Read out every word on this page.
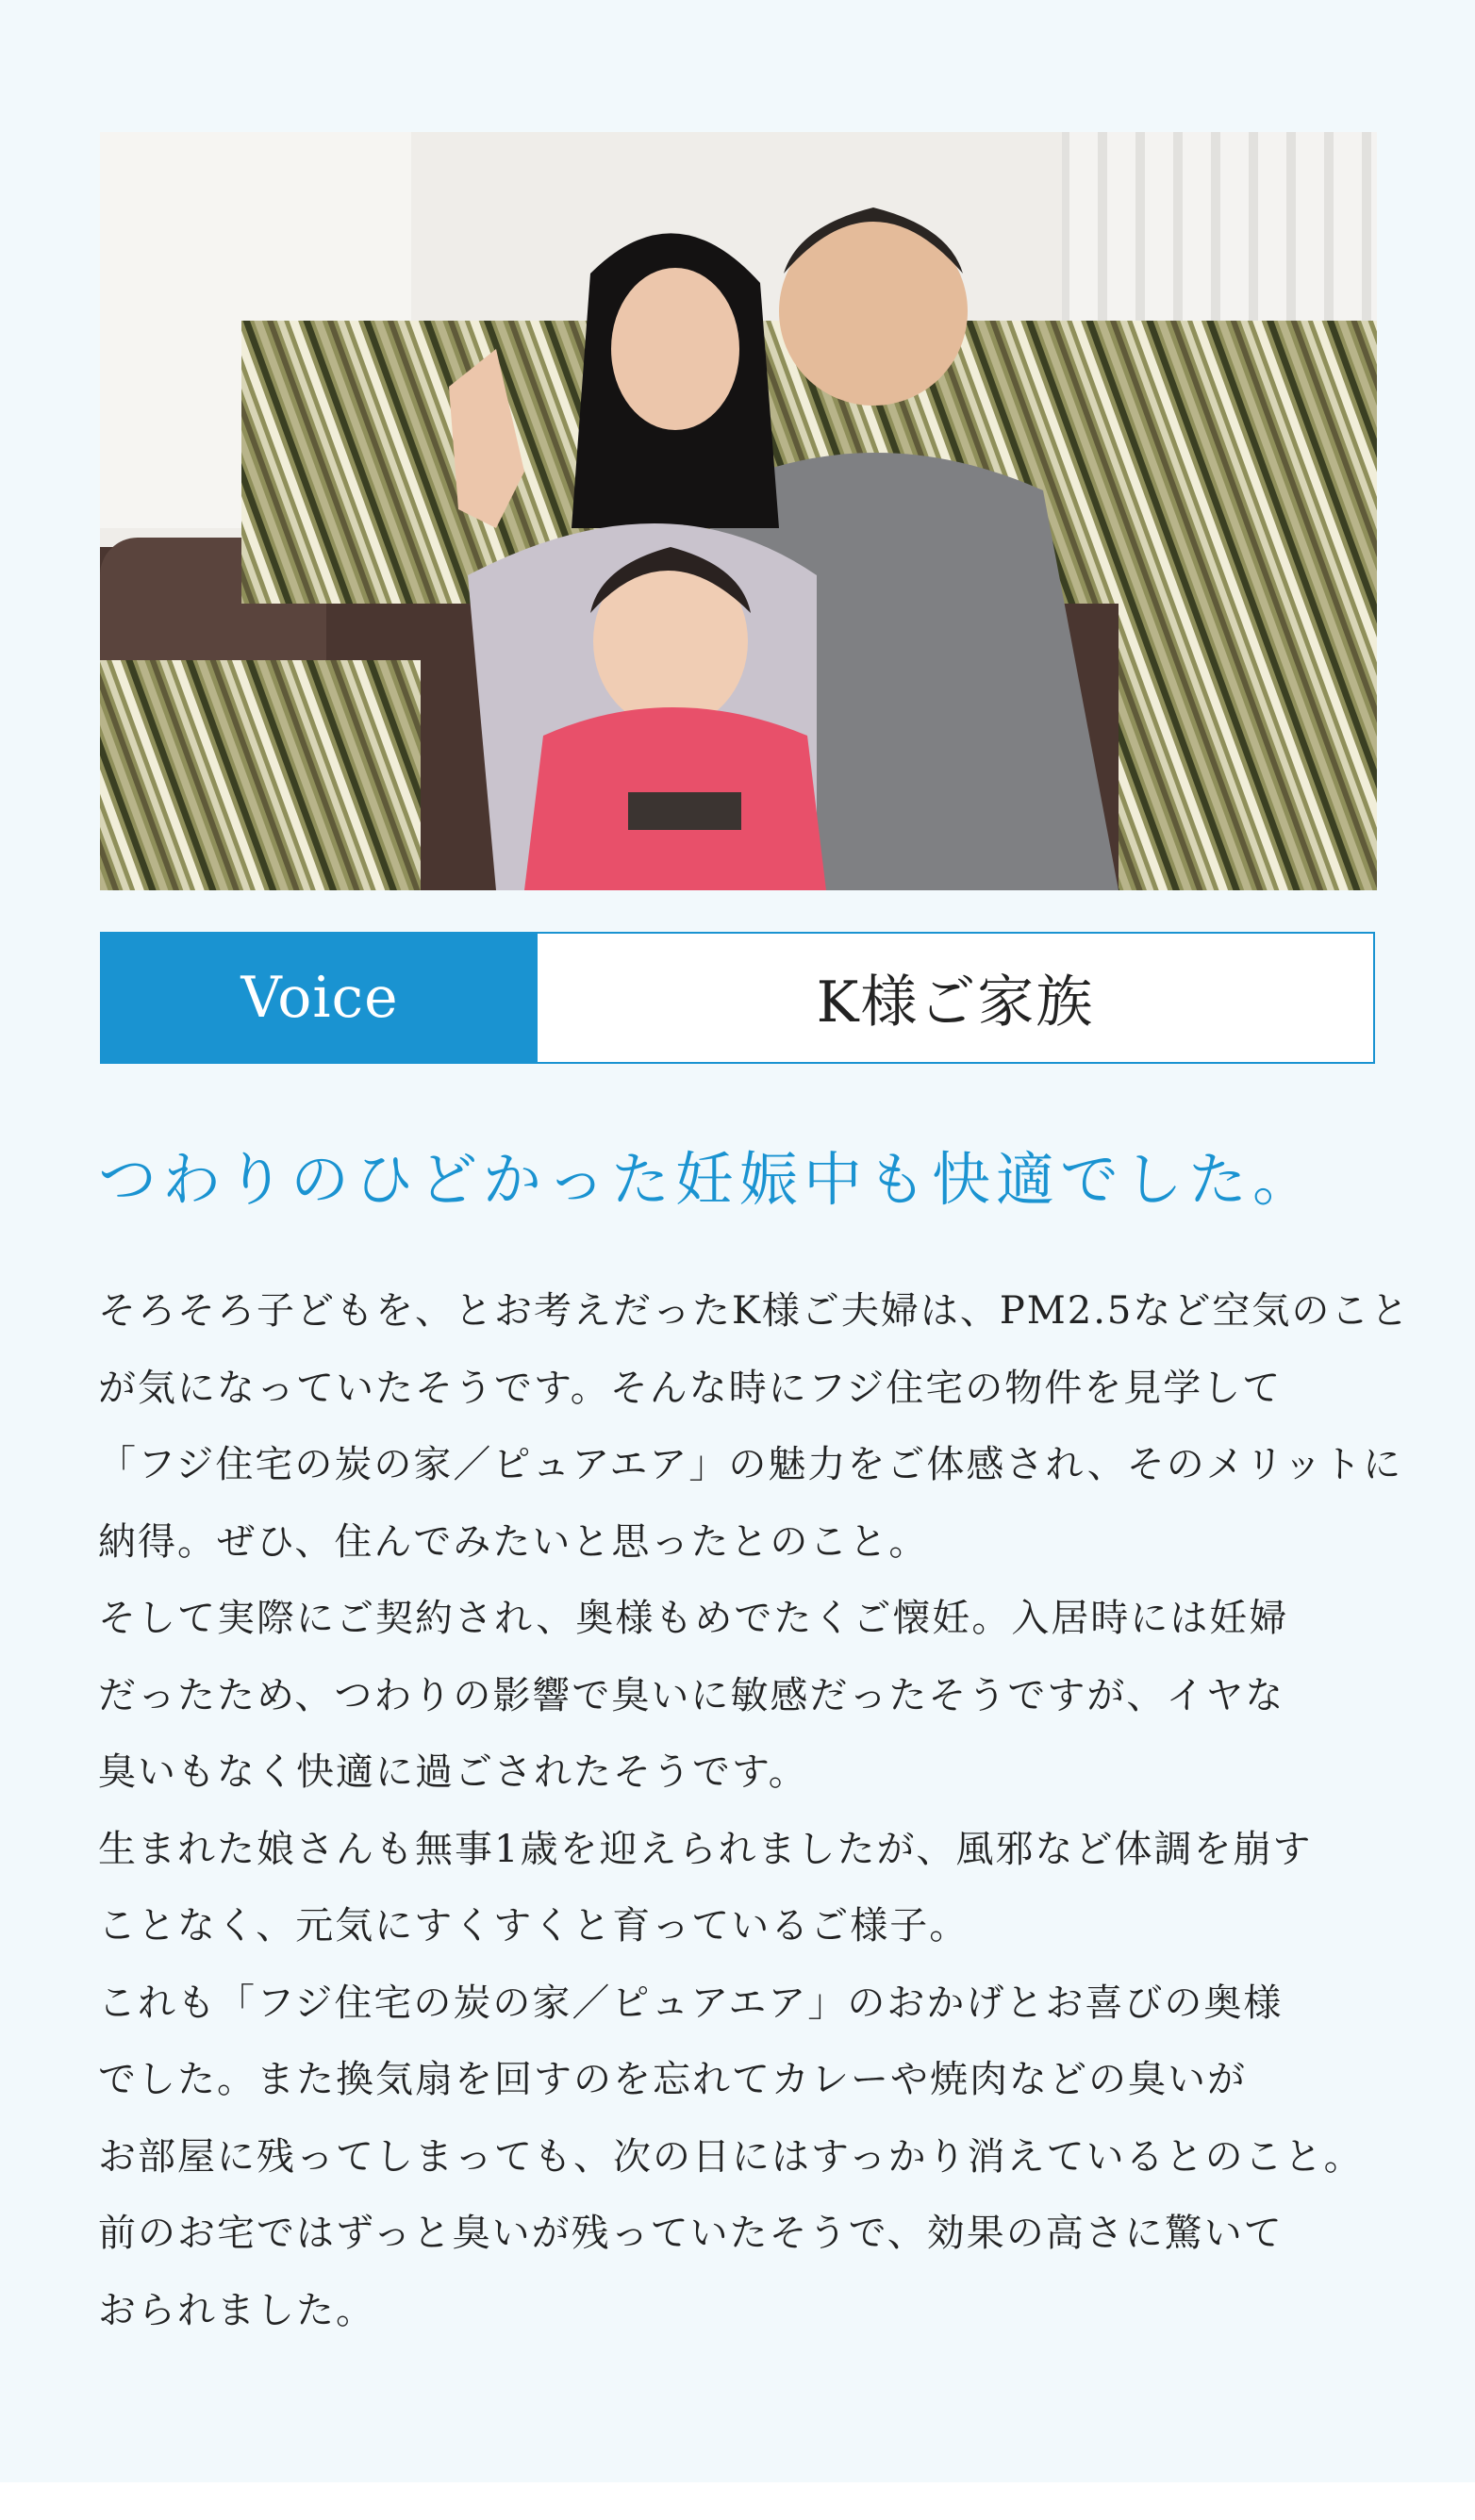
Voice	K様ご家族
つわりのひどかった妊娠中も快適でした。

そろそろ子どもを、とお考えだったK様ご夫婦は、PM2.5など空気のこと

が気になっていたそうです。そんな時にフジ住宅の物件を見学して

「フジ住宅の炭の家／ピュアエア」の魅力をご体感され、そのメリットに

納得。ぜひ、住んでみたいと思ったとのこと。

そして実際にご契約され、奥様もめでたくご懐妊。入居時には妊婦

だったため、つわりの影響で臭いに敏感だったそうですが、イヤな

臭いもなく快適に過ごされたそうです。

生まれた娘さんも無事1歳を迎えられましたが、風邪など体調を崩す

ことなく、元気にすくすくと育っているご様子。

これも「フジ住宅の炭の家／ピュアエア」のおかげとお喜びの奥様

でした。また換気扇を回すのを忘れてカレーや焼肉などの臭いが

お部屋に残ってしまっても、次の日にはすっかり消えているとのこと。

前のお宅ではずっと臭いが残っていたそうで、効果の高さに驚いて

おられました。
